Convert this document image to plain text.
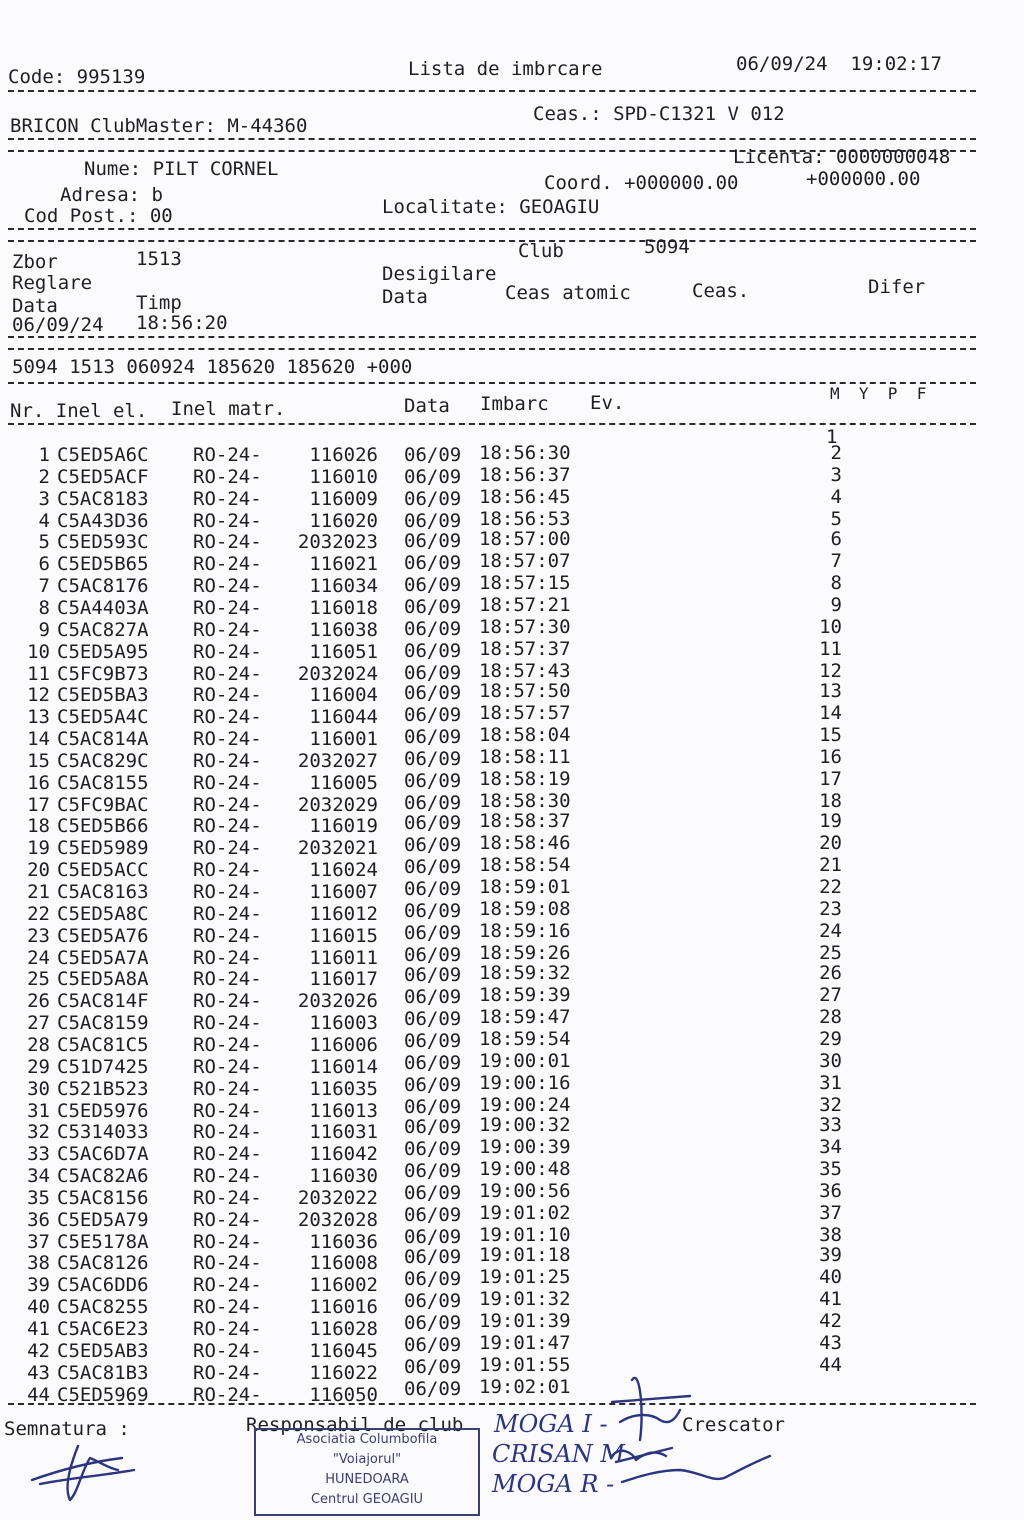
Code: 995139	Lista de imbrcare	06/09/24  19:02:17
BRICON ClubMaster: M-44360
Ceas.: SPD-C1321 V 012
Nume: PILT CORNEL
Licenta: 0000000048
Adresa: b
Coord. +000000.00	+000000.00
Cod Post.: 00	Localitate: GEOAGIU
Club	5094
Zbor	1513
Desigilare
Reglare	Difer
Data	Ceas atomic	Ceas.
Data	Timp
06/09/24 18:56:20
5094 1513 060924 185620 185620 +000
Nr. Inel el. Inel matr.	Data Imbarc Ev.	M  Y  P  F
1
1 C5ED5A6C RO-24-	116026 06/09 18:56:30	2
2 C5ED5ACF RO-24-	116010 06/09 18:56:37	3
3 C5AC8183 RO-24-	116009 06/09 18:56:45	4
4 C5A43D36 RO-24-	116020 06/09 18:56:53	5
5 C5ED593C RO-24-	2032023 06/09 18:57:00	6
6 C5ED5B65 RO-24-	116021 06/09 18:57:07	7
7 C5AC8176 RO-24-	116034 06/09 18:57:15	8
8 C5A4403A RO-24-	116018 06/09 18:57:21	9
9 C5AC827A RO-24-	116038 06/09 18:57:30	10
10 C5ED5A95 RO-24-	116051 06/09 18:57:37	11
11 C5FC9B73 RO-24-	2032024 06/09 18:57:43	12
12 C5ED5BA3 RO-24-	116004 06/09 18:57:50	13
13 C5ED5A4C RO-24-	116044 06/09 18:57:57	14
14 C5AC814A RO-24-	116001 06/09 18:58:04	15
15 C5AC829C RO-24-	2032027 06/09 18:58:11	16
16 C5AC8155 RO-24-	116005 06/09 18:58:19	17
17 C5FC9BAC RO-24-	2032029 06/09 18:58:30	18
18 C5ED5B66 RO-24-	116019 06/09 18:58:37	19
19 C5ED5989 RO-24-	2032021 06/09 18:58:46	20
20 C5ED5ACC RO-24-	116024 06/09 18:58:54	21
21 C5AC8163 RO-24-	116007 06/09 18:59:01	22
22 C5ED5A8C RO-24-	116012 06/09 18:59:08	23
23 C5ED5A76 RO-24-	116015 06/09 18:59:16	24
24 C5ED5A7A RO-24-	116011 06/09 18:59:26	25
25 C5ED5A8A RO-24-	116017 06/09 18:59:32	26
26 C5AC814F RO-24-	2032026 06/09 18:59:39	27
27 C5AC8159 RO-24-	116003 06/09 18:59:47	28
28 C5AC81C5 RO-24-	116006 06/09 18:59:54	29
29 C51D7425 RO-24-	116014 06/09 19:00:01	30
30 C521B523 RO-24-	116035 06/09 19:00:16	31
31 C5ED5976 RO-24-	116013 06/09 19:00:24	32
32 C5314033 RO-24-	116031 06/09 19:00:32	33
33 C5AC6D7A RO-24-	116042 06/09 19:00:39	34
34 C5AC82A6 RO-24-	116030 06/09 19:00:48	35
35 C5AC8156 RO-24-	2032022 06/09 19:00:56	36
36 C5ED5A79 RO-24-	2032028 06/09 19:01:02	37
37 C5E5178A RO-24-	116036 06/09 19:01:10	38
38 C5AC8126 RO-24-	116008 06/09 19:01:18	39
39 C5AC6DD6 RO-24-	116002 06/09 19:01:25	40
40 C5AC8255 RO-24-	116016 06/09 19:01:32	41
41 C5AC6E23 RO-24-	116028 06/09 19:01:39	42
42 C5ED5AB3 RO-24-	116045 06/09 19:01:47	43
43 C5AC81B3 RO-24-	116022 06/09 19:01:55	44
44 C5ED5969 RO-24-	116050 06/09 19:02:01
Semnatura :	Responsabil de club	Crescator
Asociatia Columbofila
"Voiajorul"
HUNEDOARA
Centrul GEOAGIU
MOGA I -
CRISAN M
MOGA R -
